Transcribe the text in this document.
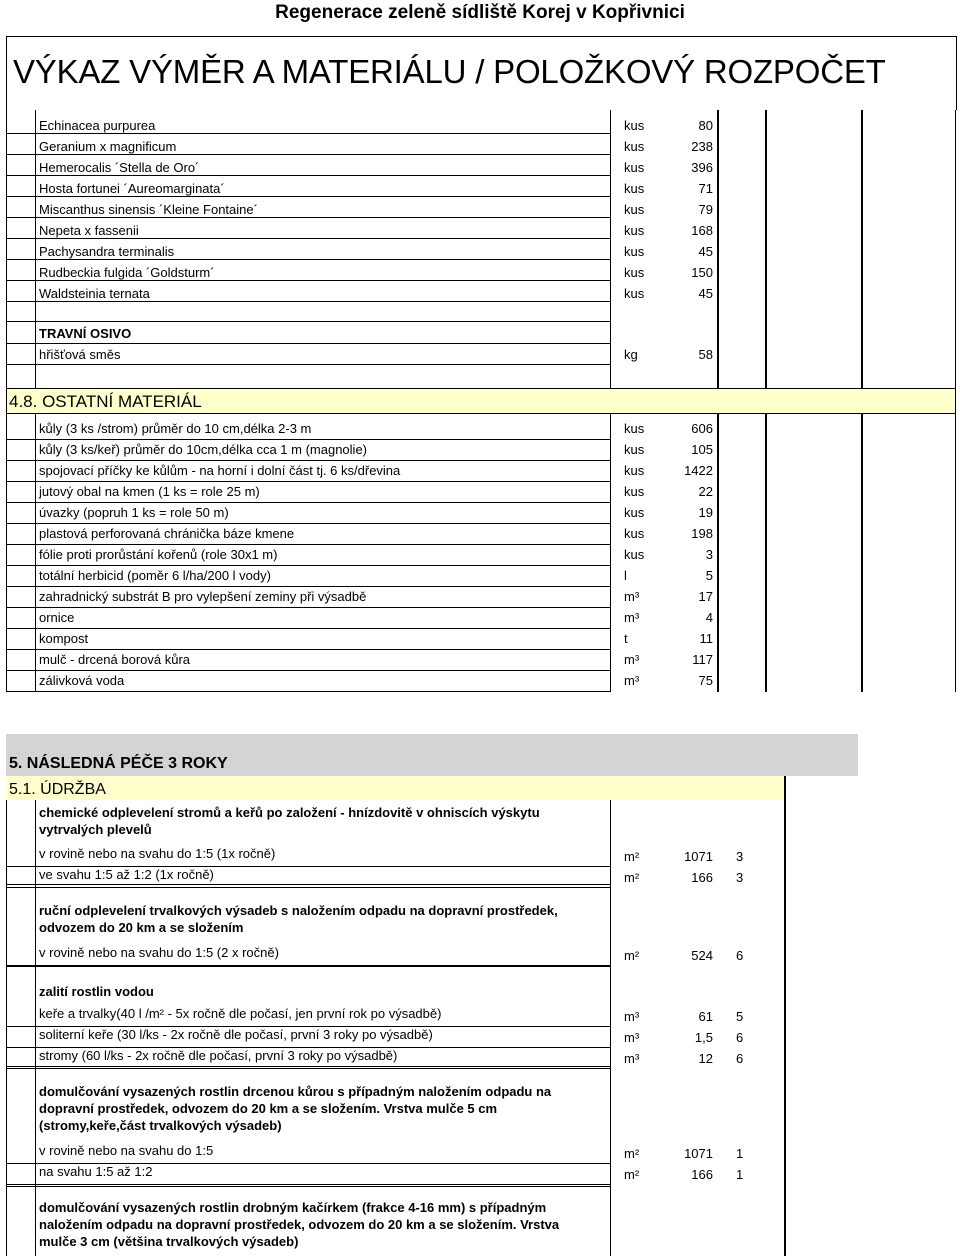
Regenerace zeleně sídliště Korej v Kopřivnici
VÝKAZ VÝMĚR A MATERIÁLU / POLOŽKOVÝ ROZPOČET
Echinacea purpurea	kus	80
Geranium x magnificum	kus	238
Hemerocalis ´Stella de Oro´	kus	396
Hosta fortunei ´Aureomarginata´	kus	71
Miscanthus sinensis ´Kleine Fontaine´	kus	79
Nepeta x fassenii	kus	168
Pachysandra terminalis	kus	45
Rudbeckia fulgida ´Goldsturm´	kus	150
Waldsteinia ternata	kus	45
TRAVNÍ OSIVO
hřišťová směs	kg	58
4.8. OSTATNÍ MATERIÁL
kůly (3 ks /strom) průměr do 10 cm,délka 2-3 m	kus	606
kůly (3 ks/keř) průměr do 10cm,délka cca 1 m (magnolie)	kus	105
spojovací příčky ke kůlům - na horní i dolní část tj. 6 ks/dřevina	kus	1422
jutový obal na kmen (1 ks = role 25 m)	kus	22
úvazky (popruh 1 ks = role 50 m)	kus	19
plastová perforovaná chránička báze kmene	kus	198
fólie proti prorůstání kořenů (role 30x1 m)	kus	3
totální herbicid (poměr 6 l/ha/200 l vody)	l	5
zahradnický substrát B pro vylepšení zeminy při výsadbě	m³	17
ornice	m³	4
kompost	t	11
mulč - drcená borová kůra	m³	117
zálivková voda	m³	75
5. NÁSLEDNÁ PÉČE 3 ROKY
5.1. ÚDRŽBA
chemické odplevelení stromů a keřů po založení - hnízdovitě v ohniscích výskytu
vytrvalých plevelů
v rovině nebo na svahu do 1:5 (1x ročně)	m²	1071 3
ve svahu 1:5 až 1:2 (1x ročně)	m²	166 3
ruční odplevelení trvalkových výsadeb s naložením odpadu na dopravní prostředek,
odvozem do 20 km a se složením
v rovině nebo na svahu do 1:5 (2 x ročně)	m²	524 6
zalití rostlin vodou
keře a trvalky(40 l /m² - 5x ročně dle počasí, jen první rok po výsadbě)	m³	61 5
soliterní keře (30 l/ks - 2x ročně dle počasí, první 3 roky po výsadbě)	m³	1,5 6
stromy (60 l/ks - 2x ročně dle počasí, první 3 roky po výsadbě)	m³	12 6
domulčování vysazených rostlin drcenou kůrou s případným naložením odpadu na
dopravní prostředek, odvozem do 20 km a se složením. Vrstva mulče 5 cm
(stromy,keře,část trvalkových výsadeb)
v rovině nebo na svahu do 1:5	m²	1071 1
na svahu 1:5 až 1:2	m²	166 1
domulčování vysazených rostlin drobným kačírkem (frakce 4-16 mm) s případným
naložením odpadu na dopravní prostředek, odvozem do 20 km a se složením. Vrstva
mulče 3 cm (většina trvalkových výsadeb)
